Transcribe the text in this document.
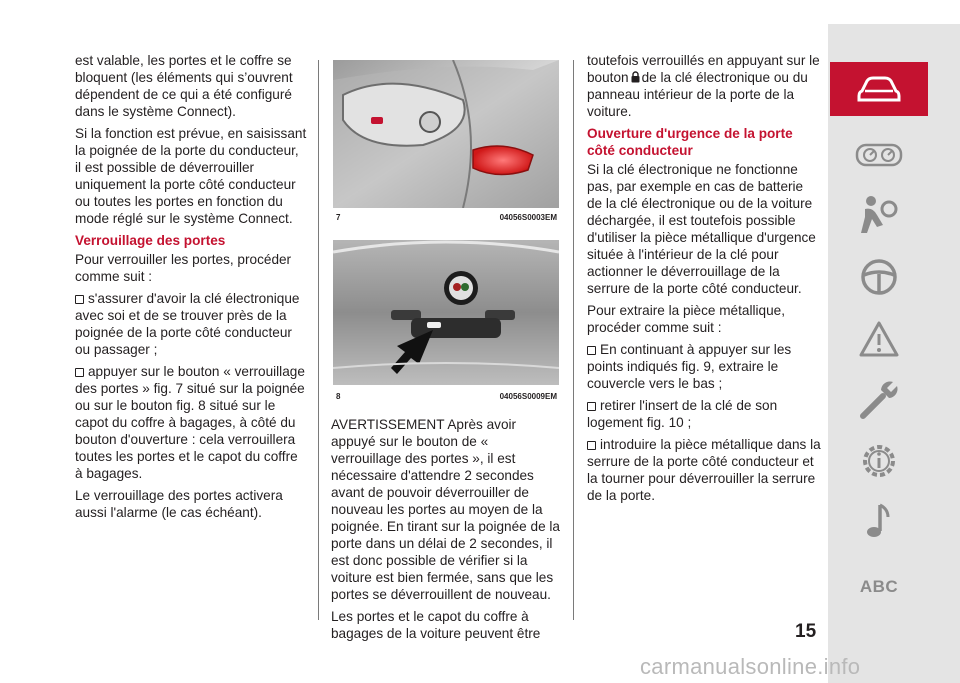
est valable, les portes et le coffre se bloquent (les éléments qui s’ouvrent dépendent de ce qui a été configuré dans le système Connect).

Si la fonction est prévue, en saisissant la poignée de la porte du conducteur, il est possible de déverrouiller uniquement la porte côté conducteur ou toutes les portes en fonction du mode réglé sur le système Connect.

Verrouillage des portes

Pour verrouiller les portes, procéder comme suit :

s'assurer d'avoir la clé électronique avec soi et de se trouver près de la poignée de la porte côté conducteur ou passager ;

appuyer sur le bouton « verrouillage des portes » fig. 7 situé sur la poignée ou sur le bouton fig. 8 situé sur le capot du coffre à bagages, à côté du bouton d'ouverture : cela verrouillera toutes les portes et le capot du coffre à bagages.

Le verrouillage des portes activera aussi l'alarme (le cas échéant).

7	04056S0003EM
8	04056S0009EM

AVERTISSEMENT Après avoir appuyé sur le bouton de « verrouillage des portes », il est nécessaire d'attendre 2 secondes avant de pouvoir déverrouiller de nouveau les portes au moyen de la poignée. En tirant sur la poignée de la porte dans un délai de 2 secondes, il est donc possible de vérifier si la voiture est bien fermée, sans que les portes se déverrouillent de nouveau.

Les portes et le capot du coffre à bagages de la voiture peuvent être

toutefois verrouillés en appuyant sur le bouton de la clé électronique ou du panneau intérieur de la porte de la voiture.

Ouverture d'urgence de la porte côté conducteur

Si la clé électronique ne fonctionne pas, par exemple en cas de batterie de la clé électronique ou de la voiture déchargée, il est toutefois possible d'utiliser la pièce métallique d'urgence située à l'intérieur de la clé pour actionner le déverrouillage de la serrure de la porte côté conducteur.

Pour extraire la pièce métallique, procéder comme suit :

En continuant à appuyer sur les points indiqués fig. 9, extraire le couvercle vers le bas ;

retirer l'insert de la clé de son logement fig. 10 ;

introduire la pièce métallique dans la serrure de la porte côté conducteur et la tourner pour déverrouiller la serrure de la porte.

ABC
15
carmanualsonline.info
